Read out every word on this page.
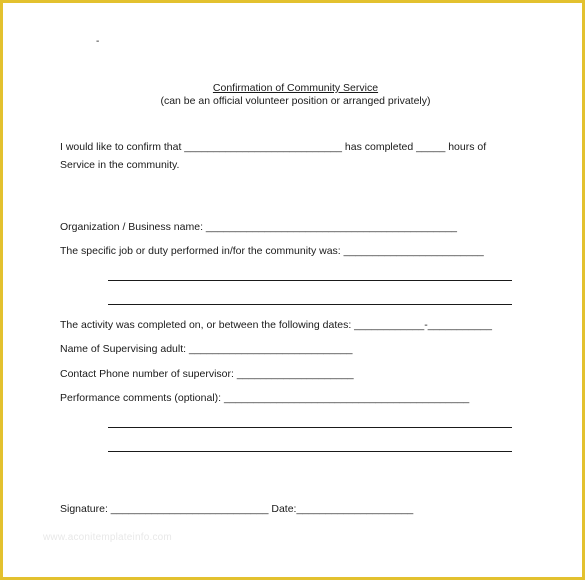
-
Confirmation of Community Service
(can be an official volunteer position or arranged privately)
I would like to confirm that ___________________________ has completed _____ hours of
Service in the community.
Organization / Business name: ___________________________________________
The specific job or duty performed in/for the community was: ________________________
The activity was completed on, or between the following dates: ____________-___________
Name of Supervising adult: ____________________________
Contact Phone number of supervisor: ____________________
Performance comments (optional): __________________________________________
Signature: ___________________________ Date:____________________
www.aconitemplateinfo.com
